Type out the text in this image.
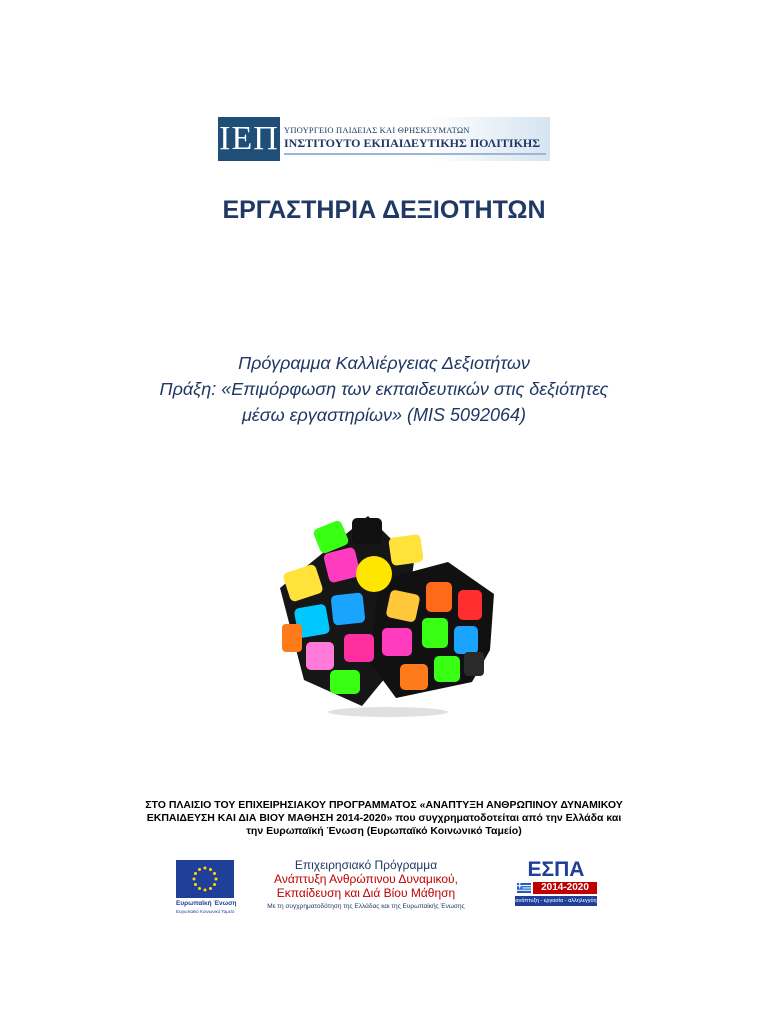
ΙΕΠ ΥΠΟΥΡΓΕΙΟ ΠΑΙΔΕΙΑΣ ΚΑΙ ΘΡΗΣΚΕΥΜΑΤΩΝ
ΙΝΣΤΙΤΟΥΤΟ ΕΚΠΑΙΔΕΥΤΙΚΗΣ ΠΟΛΙΤΙΚΗΣ
ΕΡΓΑΣΤΗΡΙΑ ΔΕΞΙΟΤΗΤΩΝ
Πρόγραμμα Καλλιέργειας Δεξιοτήτων
Πράξη: «Επιμόρφωση των εκπαιδευτικών στις δεξιότητες
μέσω εργαστηρίων» (MIS 5092064)
ΣΤΟ ΠΛΑΙΣΙΟ ΤΟΥ ΕΠΙΧΕΙΡΗΣΙΑΚΟΥ ΠΡΟΓΡΑΜΜΑΤΟΣ «ΑΝΑΠΤΥΞΗ ΑΝΘΡΩΠΙΝΟΥ ΔΥΝΑΜΙΚΟΥ
ΕΚΠΑΙΔΕΥΣΗ ΚΑΙ ΔΙΑ ΒΙΟΥ ΜΑΘΗΣΗ 2014-2020» που συγχρηματοδοτείται από την Ελλάδα και
την Ευρωπαϊκή Ένωση (Ευρωπαϊκό Κοινωνικό Ταμείο)
Ευρωπαϊκή Ένωση
Ευρωπαϊκό Κοινωνικό Ταμείο
Επιχειρησιακό Πρόγραμμα
Ανάπτυξη Ανθρώπινου Δυναμικού,
Εκπαίδευση και Διά Βίου Μάθηση
Με τη συγχρηματοδότηση της Ελλάδας και της Ευρωπαϊκής Ένωσης
ΕΣΠΑ
2014-2020
ανάπτυξη - εργασία - αλληλεγγύη
